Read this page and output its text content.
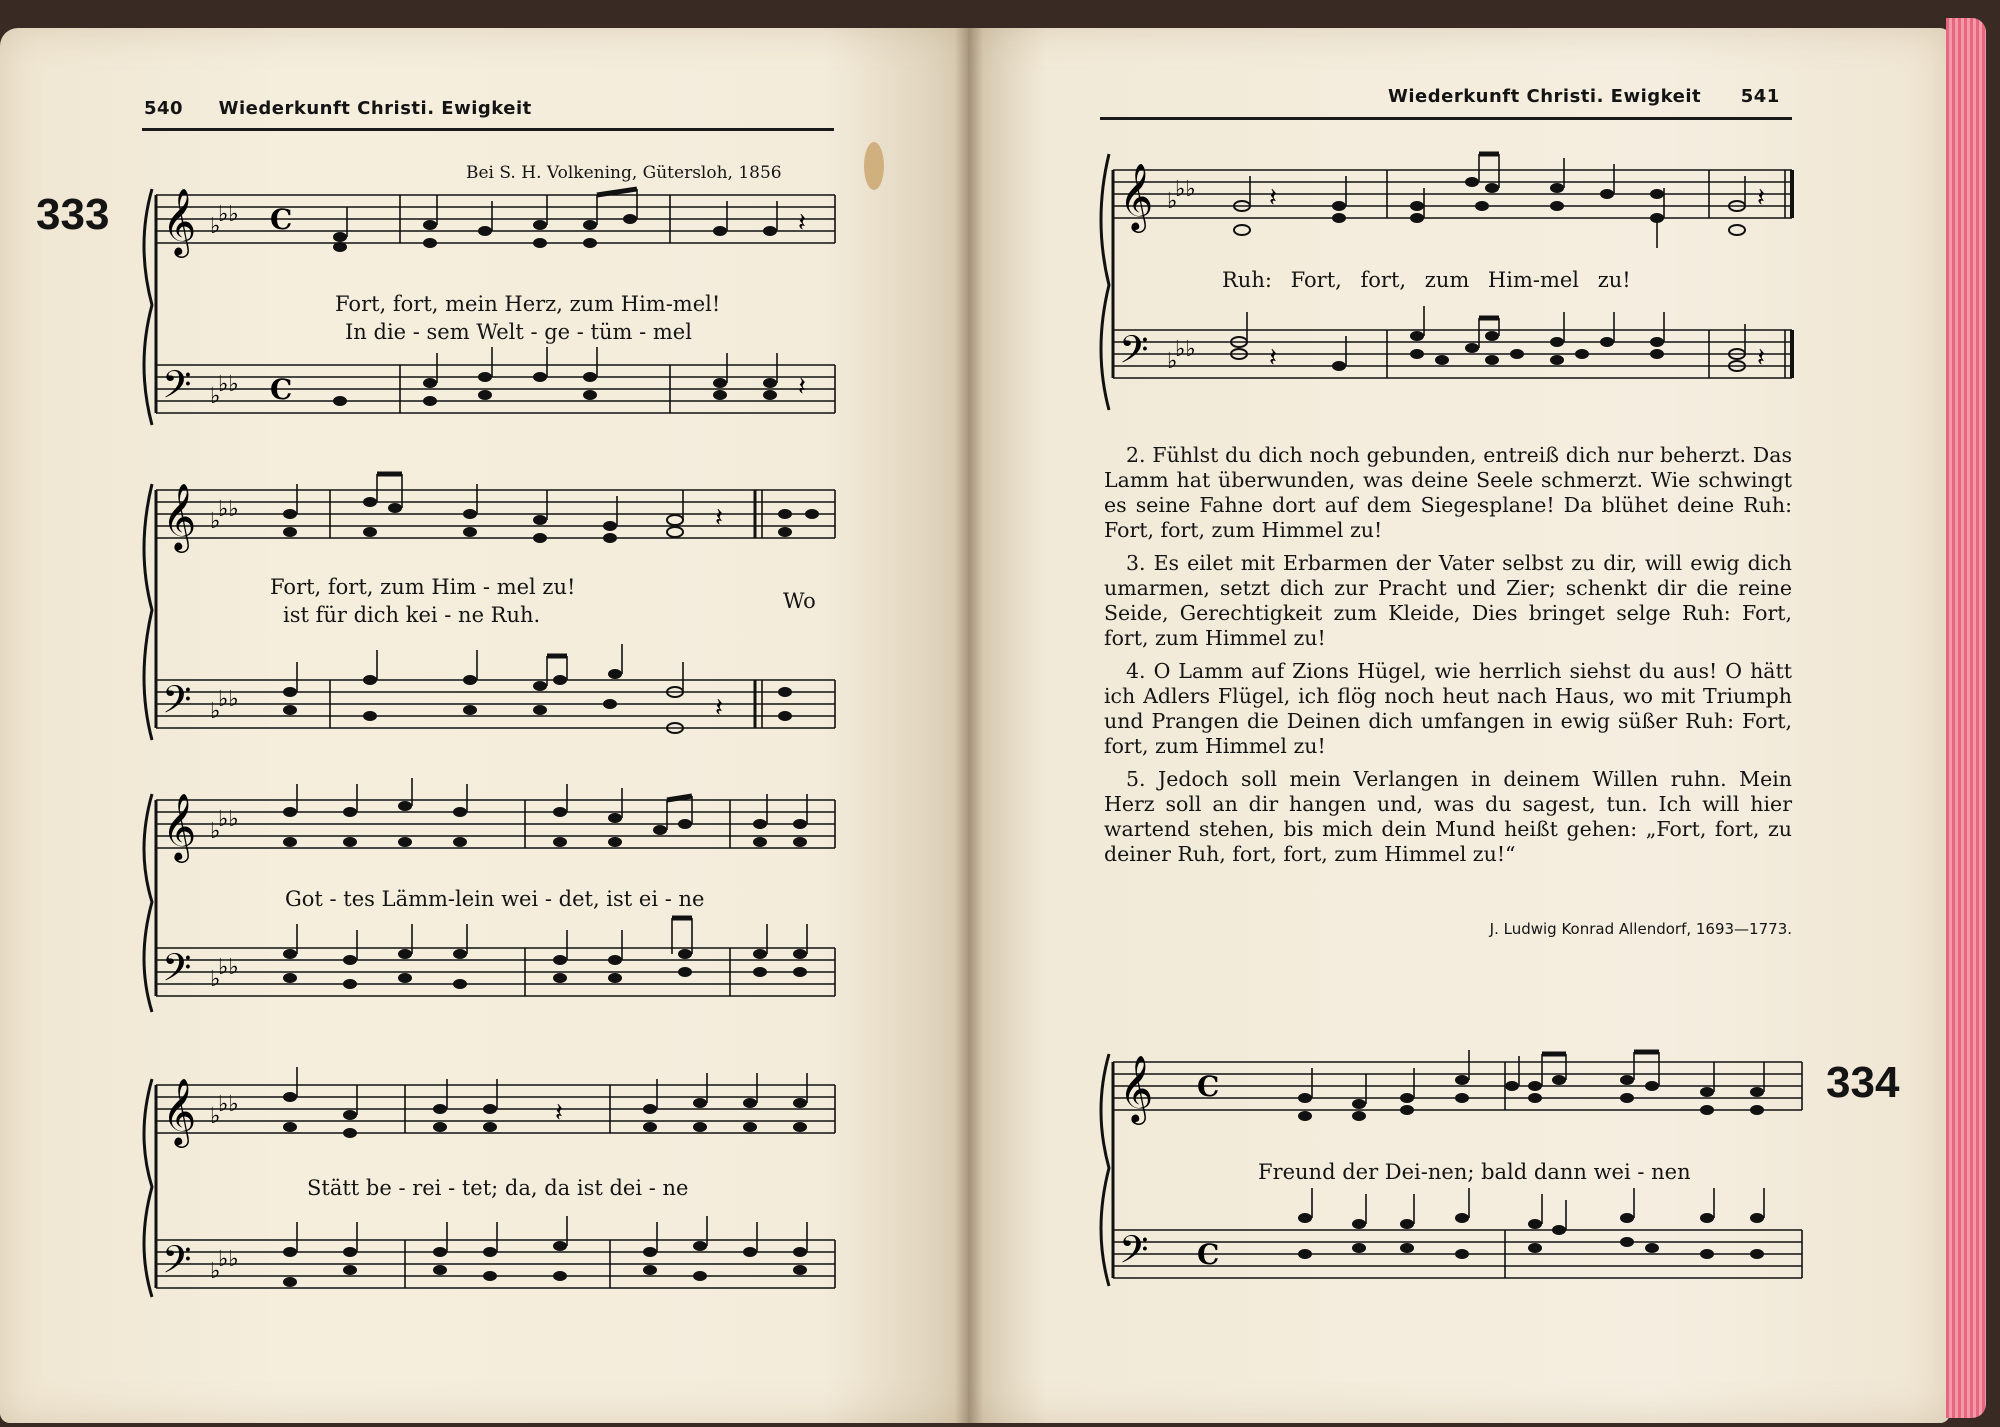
540 Wiederkunft Christi. Ewigkeit
Bei S. H. Volkening, Gütersloh, 1856
333 𝄞
𝄢
♭♭
♭
♭♭
♭
C
C
𝄽
𝄽
Fort, fort, mein Herz, zum Him-mel!
In die - sem Welt - ge - tüm - mel
𝄞
𝄢
♭♭
♭
♭♭
♭
𝄽
𝄽
Fort, fort, zum Him - mel zu!
ist für dich kei - ne Ruh.
Wo
𝄞
𝄢
♭♭
♭
♭♭
♭
Got - tes Lämm-lein wei - det, ist ei - ne
𝄞
𝄢
♭♭
♭
♭♭
♭
𝄽
Stätt be - rei - tet; da, da ist dei - ne
Wiederkunft Christi. Ewigkeit 541
𝄞
𝄢
♭♭
♭
♭♭
♭
𝄽
𝄽
𝄽
𝄽
Ruh: Fort, fort, zum Him-mel zu!

2. Fühlst du dich noch gebunden, entreiß dich nur beherzt. Das Lamm hat überwunden, was deine Seele schmerzt. Wie schwingt es seine Fahne dort auf dem Siegesplane! Da blühet deine Ruh: Fort, fort, zum Himmel zu!

3. Es eilet mit Erbarmen der Vater selbst zu dir, will ewig dich umarmen, setzt dich zur Pracht und Zier; schenkt dir die reine Seide, Gerechtigkeit zum Kleide, Dies bringet selge Ruh: Fort, fort, zum Himmel zu!

4. O Lamm auf Zions Hügel, wie herrlich siehst du aus! O hätt ich Adlers Flügel, ich flög noch heut nach Haus, wo mit Triumph und Prangen die Deinen dich umfangen in ewig süßer Ruh: Fort, fort, zum Himmel zu!

5. Jedoch soll mein Verlangen in deinem Willen ruhn. Mein Herz soll an dir hangen und, was du sagest, tun. Ich will hier wartend stehen, bis mich dein Mund heißt gehen: „Fort, fort, zu deiner Ruh, fort, fort, zum Himmel zu!“

J. Ludwig Konrad Allendorf, 1693—1773.
334
𝄞
𝄢
C
C
Freund der Dei-nen; bald dann wei - nen
